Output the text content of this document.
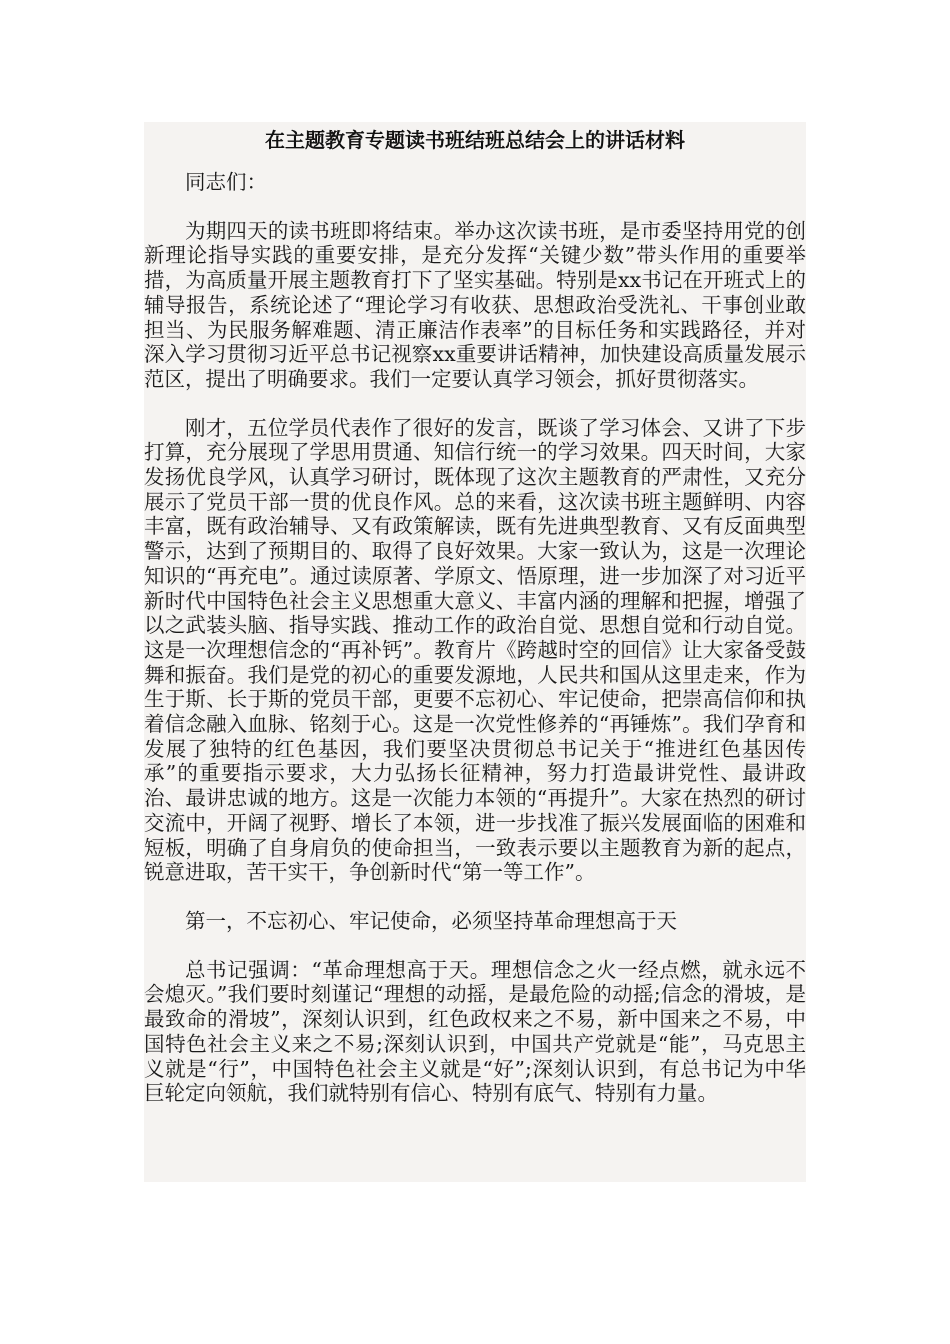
在主题教育专题读书班结班总结会上的讲话材料

同志们：

为期四天的读书班即将结束。举办这次读书班，是市委坚持用党的创新理论指导实践的重要安排，是充分发挥“关键少数”带头作用的重要举措，为高质量开展主题教育打下了坚实基础。特别是xx书记在开班式上的辅导报告，系统论述了“理论学习有收获、思想政治受洗礼、干事创业敢担当、为民服务解难题、清正廉洁作表率”的目标任务和实践路径，并对深入学习贯彻习近平总书记视察xx重要讲话精神，加快建设高质量发展示范区，提出了明确要求。我们一定要认真学习领会，抓好贯彻落实。

刚才，五位学员代表作了很好的发言，既谈了学习体会、又讲了下步打算，充分展现了学思用贯通、知信行统一的学习效果。四天时间，大家发扬优良学风，认真学习研讨，既体现了这次主题教育的严肃性，又充分展示了党员干部一贯的优良作风。总的来看，这次读书班主题鲜明、内容丰富，既有政治辅导、又有政策解读，既有先进典型教育、又有反面典型警示，达到了预期目的、取得了良好效果。大家一致认为，这是一次理论知识的“再充电”。通过读原著、学原文、悟原理，进一步加深了对习近平新时代中国特色社会主义思想重大意义、丰富内涵的理解和把握，增强了以之武装头脑、指导实践、推动工作的政治自觉、思想自觉和行动自觉。这是一次理想信念的“再补钙”。教育片《跨越时空的回信》让大家备受鼓舞和振奋。我们是党的初心的重要发源地，人民共和国从这里走来，作为生于斯、长于斯的党员干部，更要不忘初心、牢记使命，把崇高信仰和执着信念融入血脉、铭刻于心。这是一次党性修养的“再锤炼”。我们孕育和发展了独特的红色基因，我们要坚决贯彻总书记关于“推进红色基因传承”的重要指示要求，大力弘扬长征精神，努力打造最讲党性、最讲政治、最讲忠诚的地方。这是一次能力本领的“再提升”。大家在热烈的研讨交流中，开阔了视野、增长了本领，进一步找准了振兴发展面临的困难和短板，明确了自身肩负的使命担当，一致表示要以主题教育为新的起点，锐意进取，苦干实干，争创新时代“第一等工作”。

第一，不忘初心、牢记使命，必须坚持革命理想高于天

总书记强调：“革命理想高于天。理想信念之火一经点燃，就永远不会熄灭。”我们要时刻谨记“理想的动摇，是最危险的动摇;信念的滑坡，是最致命的滑坡”，深刻认识到，红色政权来之不易，新中国来之不易，中国特色社会主义来之不易;深刻认识到，中国共产党就是“能”，马克思主义就是“行”，中国特色社会主义就是“好”;深刻认识到，有总书记为中华巨轮定向领航，我们就特别有信心、特别有底气、特别有力量。
